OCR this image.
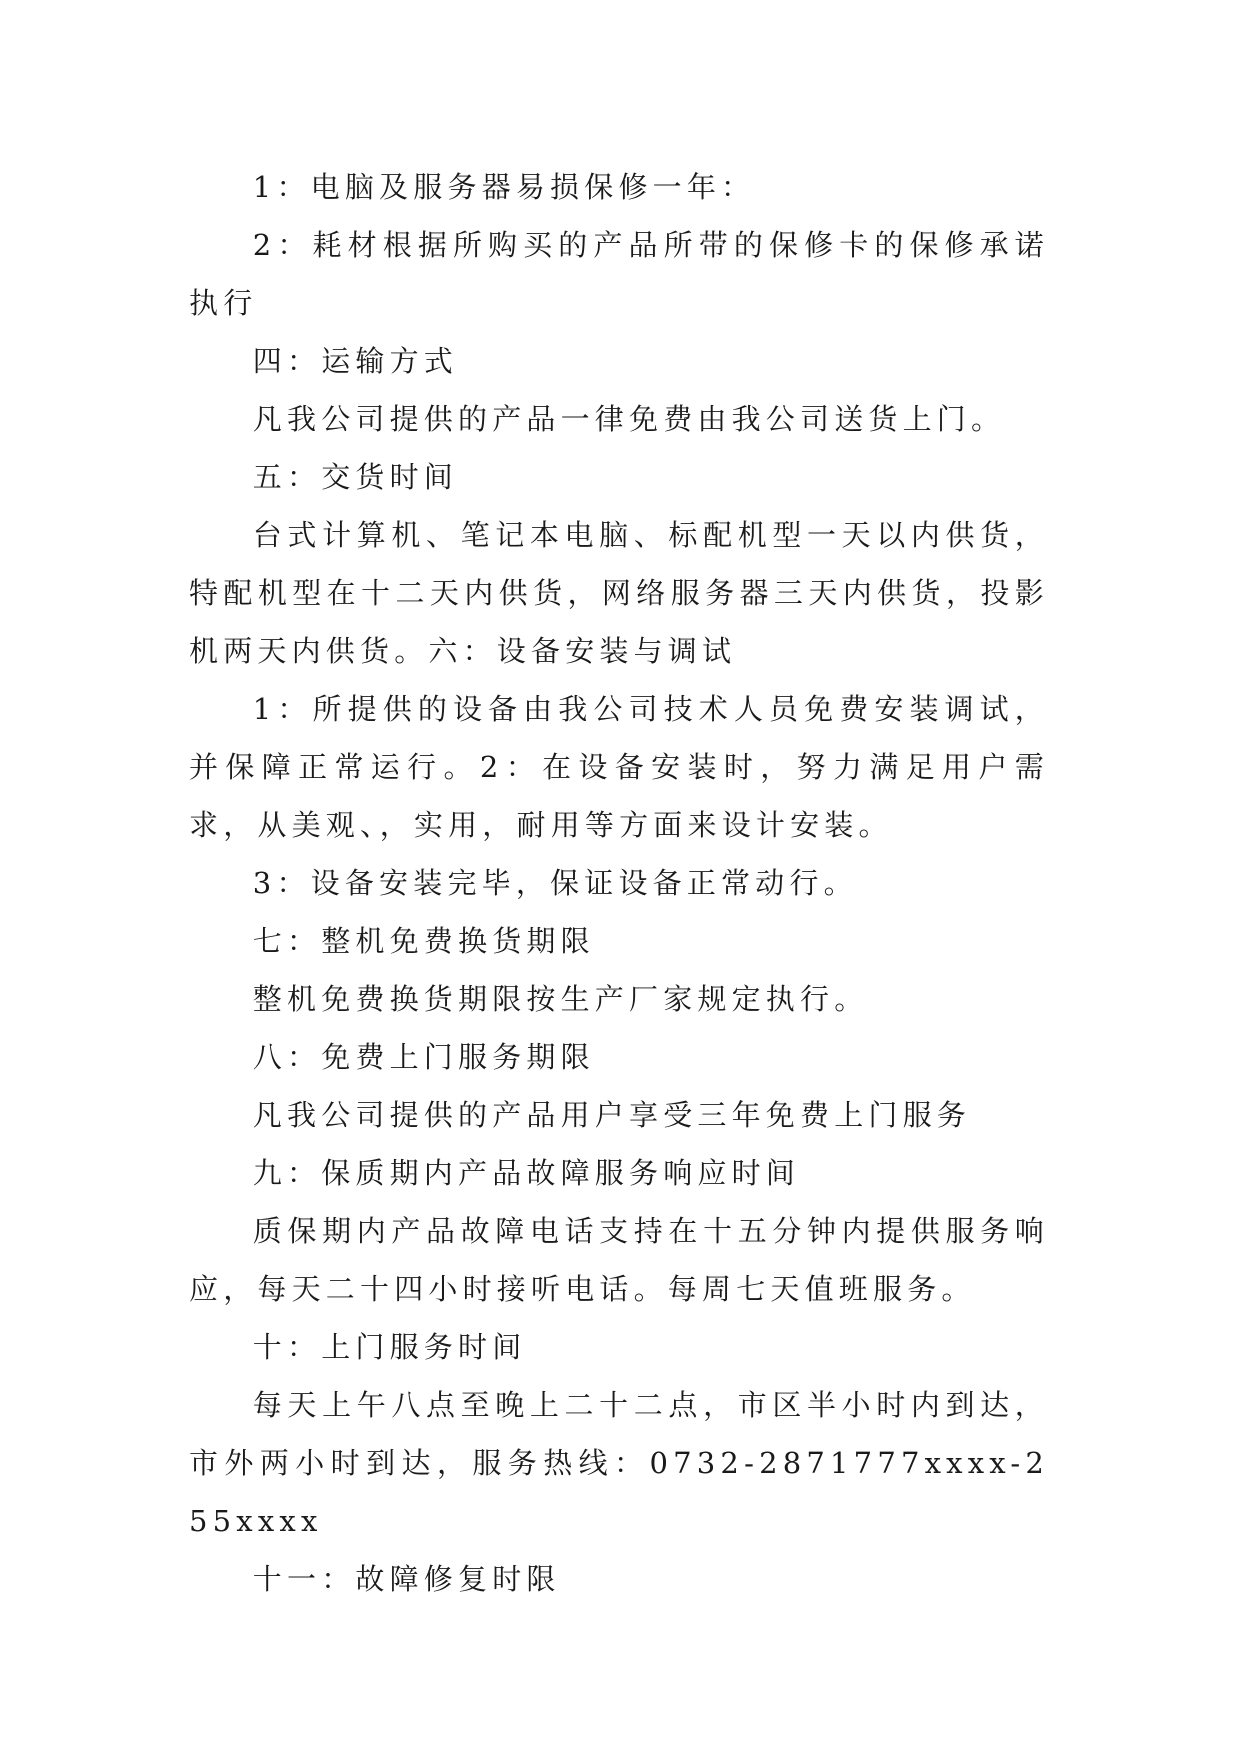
1：电脑及服务器易损保修一年：

2：耗材根据所购买的产品所带的保修卡的保修承诺执行

四：运输方式

凡我公司提供的产品一律免费由我公司送货上门。

五：交货时间

台式计算机、笔记本电脑、标配机型一天以内供货，特配机型在十二天内供货，网络服务器三天内供货，投影机两天内供货。六：设备安装与调试

1：所提供的设备由我公司技术人员免费安装调试，并保障正常运行。2：在设备安装时，努力满足用户需求，从美观、，实用，耐用等方面来设计安装。

3：设备安装完毕，保证设备正常动行。

七：整机免费换货期限

整机免费换货期限按生产厂家规定执行。

八：免费上门服务期限

凡我公司提供的产品用户享受三年免费上门服务

九：保质期内产品故障服务响应时间

质保期内产品故障电话支持在十五分钟内提供服务响应，每天二十四小时接听电话。每周七天值班服务。

十：上门服务时间

每天上午八点至晚上二十二点，市区半小时内到达，市外两小时到达，服务热线：0732-2871777xxxx-255xxxx

十一：故障修复时限
